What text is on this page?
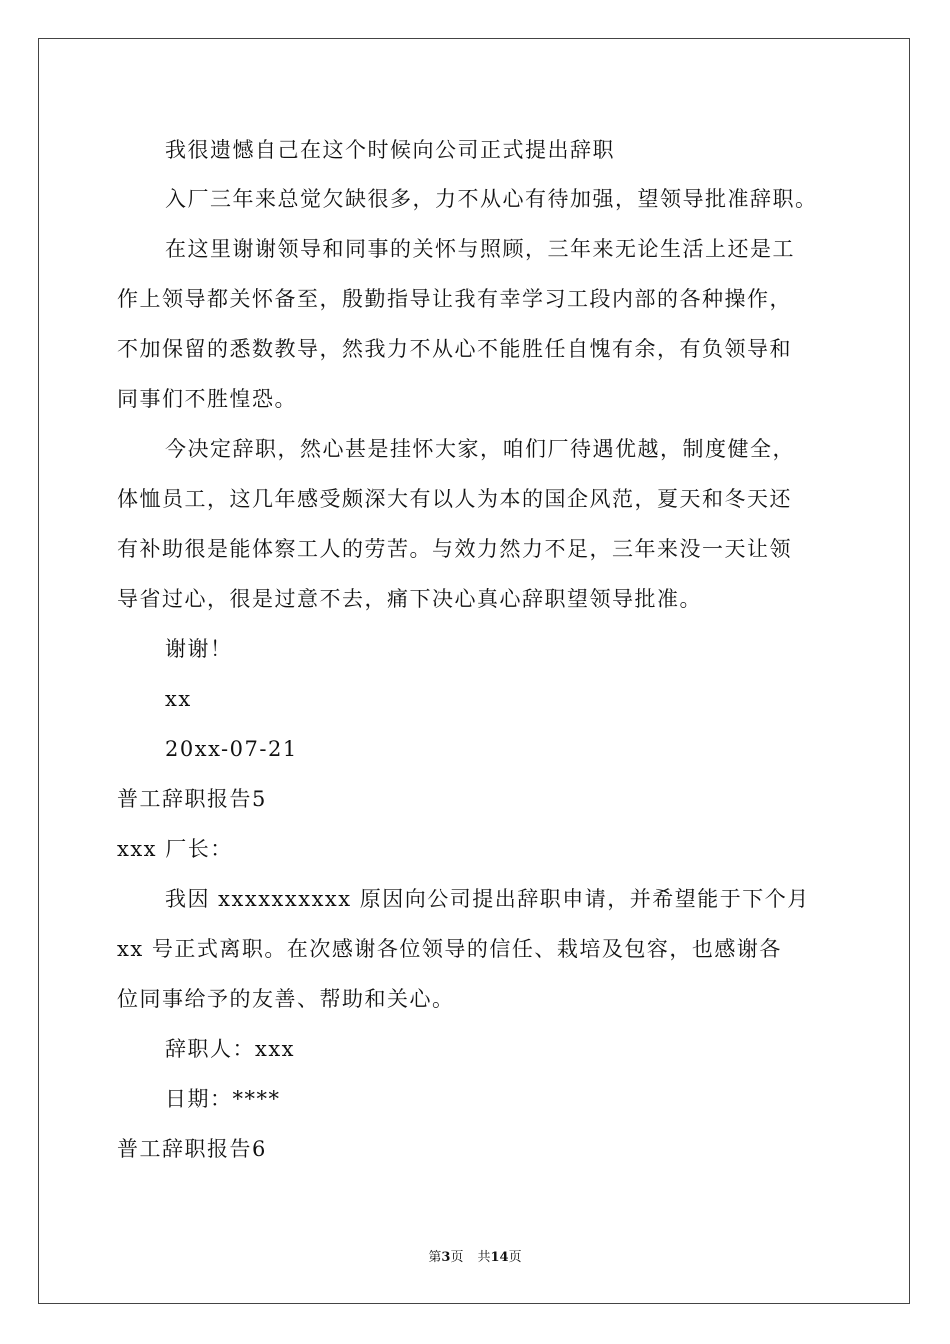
我很遗憾自己在这个时候向公司正式提出辞职
入厂三年来总觉欠缺很多，力不从心有待加强，望领导批准辞职。
在这里谢谢领导和同事的关怀与照顾，三年来无论生活上还是工
作上领导都关怀备至，殷勤指导让我有幸学习工段内部的各种操作，
不加保留的悉数教导，然我力不从心不能胜任自愧有余，有负领导和
同事们不胜惶恐。
今决定辞职，然心甚是挂怀大家，咱们厂待遇优越，制度健全，
体恤员工，这几年感受颇深大有以人为本的国企风范，夏天和冬天还
有补助很是能体察工人的劳苦。与效力然力不足，三年来没一天让领
导省过心，很是过意不去，痛下决心真心辞职望领导批准。
谢谢！
xx
20xx-07-21
普工辞职报告5
xxx 厂长：
我因 xxxxxxxxxx 原因向公司提出辞职申请，并希望能于下个月
xx 号正式离职。在次感谢各位领导的信任、栽培及包容，也感谢各
位同事给予的友善、帮助和关心。
辞职人：xxx
日期：****
普工辞职报告6
第3页 共14页
